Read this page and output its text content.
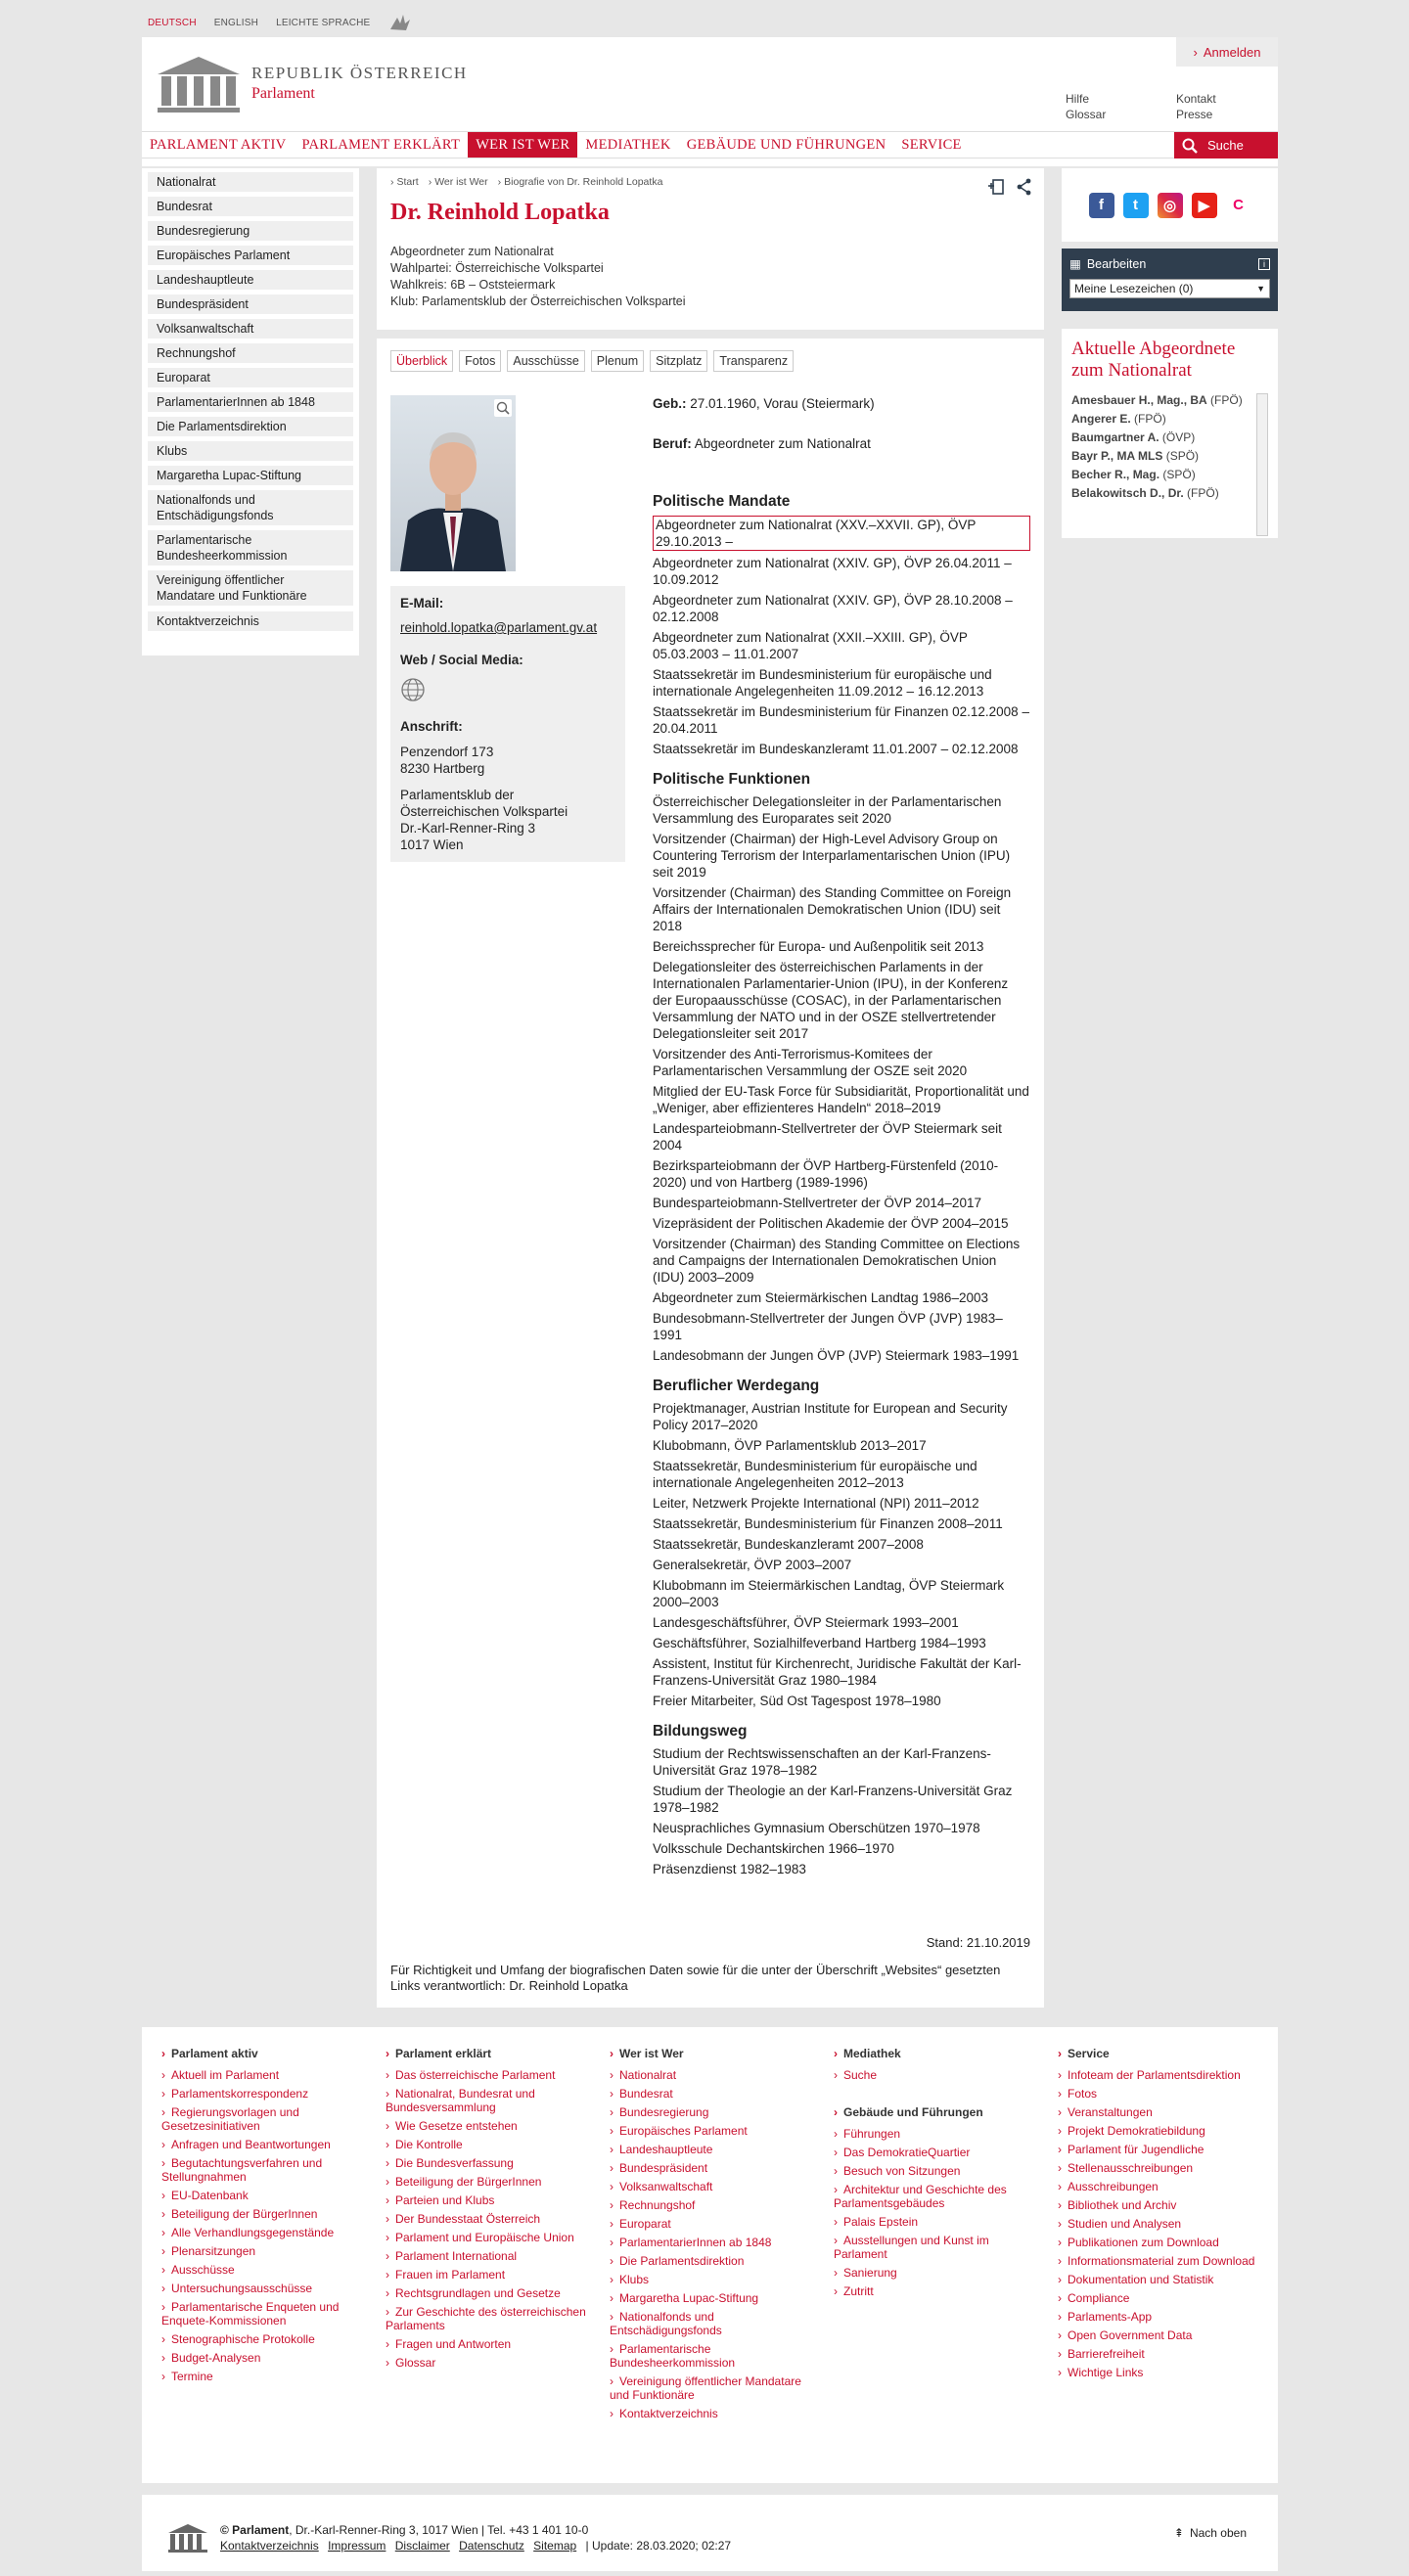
DEUTSCH ENGLISH LEICHTE SPRACHE
REPUBLIK ÖSTERREICH
Parlament
› Anmelden
Hilfe
Glossar
Kontakt
Presse
PARLAMENT AKTIV	PARLAMENT ERKLÄRT	WER IST WER	MEDIATHEK	GEBÄUDE UND FÜHRUNGEN	SERVICE	Suche
Nationalrat
Bundesrat
Bundesregierung
Europäisches Parlament
Landeshauptleute
Bundespräsident
Volksanwaltschaft
Rechnungshof
Europarat
ParlamentarierInnen ab 1848
Die Parlamentsdirektion
Klubs
Margaretha Lupac-Stiftung
Nationalfonds und Entschädigungsfonds
Parlamentarische Bundesheerkommission
Vereinigung öffentlicher Mandatare und Funktionäre
Kontaktverzeichnis
› Start	› Wer ist Wer	› Biografie von Dr. Reinhold Lopatka
Dr. Reinhold Lopatka
Abgeordneter zum Nationalrat
Wahlpartei: Österreichische Volkspartei
Wahlkreis: 6B – Oststeiermark
Klub: Parlamentsklub der Österreichischen Volkspartei
Überblick	Fotos	Ausschüsse	Plenum	Sitzplatz	Transparenz
E-Mail:
reinhold.lopatka@parlament.gv.at
Web / Social Media:
Anschrift:
Penzendorf 173
8230 Hartberg
Parlamentsklub der Österreichischen Volkspartei
Dr.-Karl-Renner-Ring 3
1017 Wien
Geb.: 27.01.1960, Vorau (Steiermark)
Beruf: Abgeordneter zum Nationalrat
Politische Mandate
Abgeordneter zum Nationalrat (XXV.–XXVII. GP), ÖVP 29.10.2013 –
Abgeordneter zum Nationalrat (XXIV. GP), ÖVP 26.04.2011 – 10.09.2012
Abgeordneter zum Nationalrat (XXIV. GP), ÖVP 28.10.2008 – 02.12.2008
Abgeordneter zum Nationalrat (XXII.–XXIII. GP), ÖVP 05.03.2003 – 11.01.2007
Staatssekretär im Bundesministerium für europäische und internationale Angelegenheiten 11.09.2012 – 16.12.2013
Staatssekretär im Bundesministerium für Finanzen 02.12.2008 – 20.04.2011
Staatssekretär im Bundeskanzleramt 11.01.2007 – 02.12.2008
Politische Funktionen
Österreichischer Delegationsleiter in der Parlamentarischen Versammlung des Europarates seit 2020
Vorsitzender (Chairman) der High-Level Advisory Group on Countering Terrorism der Interparlamentarischen Union (IPU) seit 2019
Vorsitzender (Chairman) des Standing Committee on Foreign Affairs der Internationalen Demokratischen Union (IDU) seit 2018
Bereichssprecher für Europa- und Außenpolitik seit 2013
Delegationsleiter des österreichischen Parlaments in der Internationalen Parlamentarier-Union (IPU), in der Konferenz der Europaausschüsse (COSAC), in der Parlamentarischen Versammlung der NATO und in der OSZE stellvertretender Delegationsleiter seit 2017
Vorsitzender des Anti-Terrorismus-Komitees der Parlamentarischen Versammlung der OSZE seit 2020
Mitglied der EU-Task Force für Subsidiarität, Proportionalität und „Weniger, aber effizienteres Handeln“ 2018–2019
Landesparteiobmann-Stellvertreter der ÖVP Steiermark seit 2004
Bezirksparteiobmann der ÖVP Hartberg-Fürstenfeld (2010-2020) und von Hartberg (1989-1996)
Bundesparteiobmann-Stellvertreter der ÖVP 2014–2017
Vizepräsident der Politischen Akademie der ÖVP 2004–2015
Vorsitzender (Chairman) des Standing Committee on Elections and Campaigns der Internationalen Demokratischen Union (IDU) 2003–2009
Abgeordneter zum Steiermärkischen Landtag 1986–2003
Bundesobmann-Stellvertreter der Jungen ÖVP (JVP) 1983–1991
Landesobmann der Jungen ÖVP (JVP) Steiermark 1983–1991
Beruflicher Werdegang
Projektmanager, Austrian Institute for European and Security Policy 2017–2020
Klubobmann, ÖVP Parlamentsklub 2013–2017
Staatssekretär, Bundesministerium für europäische und internationale Angelegenheiten 2012–2013
Leiter, Netzwerk Projekte International (NPI) 2011–2012
Staatssekretär, Bundesministerium für Finanzen 2008–2011
Staatssekretär, Bundeskanzleramt 2007–2008
Generalsekretär, ÖVP 2003–2007
Klubobmann im Steiermärkischen Landtag, ÖVP Steiermark 2000–2003
Landesgeschäftsführer, ÖVP Steiermark 1993–2001
Geschäftsführer, Sozialhilfeverband Hartberg 1984–1993
Assistent, Institut für Kirchenrecht, Juridische Fakultät der Karl-Franzens-Universität Graz 1980–1984
Freier Mitarbeiter, Süd Ost Tagespost 1978–1980
Bildungsweg
Studium der Rechtswissenschaften an der Karl-Franzens-Universität Graz 1978–1982
Studium der Theologie an der Karl-Franzens-Universität Graz 1978–1982
Neusprachliches Gymnasium Oberschützen 1970–1978
Volksschule Dechantskirchen 1966–1970
Präsenzdienst 1982–1983
Stand: 21.10.2019
Für Richtigkeit und Umfang der biografischen Daten sowie für die unter der Überschrift „Websites“ gesetzten Links verantwortlich: Dr. Reinhold Lopatka
f	t	◎	▶	C
▦ Bearbeiten	i
Meine Lesezeichen (0)	▼
Aktuelle Abgeordnete zum Nationalrat
Amesbauer H., Mag., BA (FPÖ)
Angerer E. (FPÖ)
Baumgartner A. (ÖVP)
Bayr P., MA MLS (SPÖ)
Becher R., Mag. (SPÖ)
Belakowitsch D., Dr. (FPÖ)
› Parlament aktiv
› Aktuell im Parlament
› Parlamentskorrespondenz
› Regierungsvorlagen und Gesetzesinitiativen
› Anfragen und Beantwortungen
› Begutachtungsverfahren und Stellungnahmen
› EU-Datenbank
› Beteiligung der BürgerInnen
› Alle Verhandlungsgegenstände
› Plenarsitzungen
› Ausschüsse
› Untersuchungsausschüsse
› Parlamentarische Enqueten und Enquete-Kommissionen
› Stenographische Protokolle
› Budget-Analysen
› Termine
› Parlament erklärt
› Das österreichische Parlament
› Nationalrat, Bundesrat und Bundesversammlung
› Wie Gesetze entstehen
› Die Kontrolle
› Die Bundesverfassung
› Beteiligung der BürgerInnen
› Parteien und Klubs
› Der Bundesstaat Österreich
› Parlament und Europäische Union
› Parlament International
› Frauen im Parlament
› Rechtsgrundlagen und Gesetze
› Zur Geschichte des österreichischen Parlaments
› Fragen und Antworten
› Glossar
› Wer ist Wer
› Nationalrat
› Bundesrat
› Bundesregierung
› Europäisches Parlament
› Landeshauptleute
› Bundespräsident
› Volksanwaltschaft
› Rechnungshof
› Europarat
› ParlamentarierInnen ab 1848
› Die Parlamentsdirektion
› Klubs
› Margaretha Lupac-Stiftung
› Nationalfonds und Entschädigungsfonds
› Parlamentarische Bundesheerkommission
› Vereinigung öffentlicher Mandatare und Funktionäre
› Kontaktverzeichnis
› Mediathek
› Suche
› Gebäude und Führungen
› Führungen
› Das DemokratieQuartier
› Besuch von Sitzungen
› Architektur und Geschichte des Parlamentsgebäudes
› Palais Epstein
› Ausstellungen und Kunst im Parlament
› Sanierung
› Zutritt
› Service
› Infoteam der Parlamentsdirektion
› Fotos
› Veranstaltungen
› Projekt Demokratiebildung
› Parlament für Jugendliche
› Stellenausschreibungen
› Ausschreibungen
› Bibliothek und Archiv
› Studien und Analysen
› Publikationen zum Download
› Informationsmaterial zum Download
› Dokumentation und Statistik
› Compliance
› Parlaments-App
› Open Government Data
› Barrierefreiheit
› Wichtige Links
© Parlament, Dr.-Karl-Renner-Ring 3, 1017 Wien | Tel. +43 1 401 10-0
Kontaktverzeichnis Impressum Disclaimer Datenschutz Sitemap | Update: 28.03.2020; 02:27
⇞ Nach oben
